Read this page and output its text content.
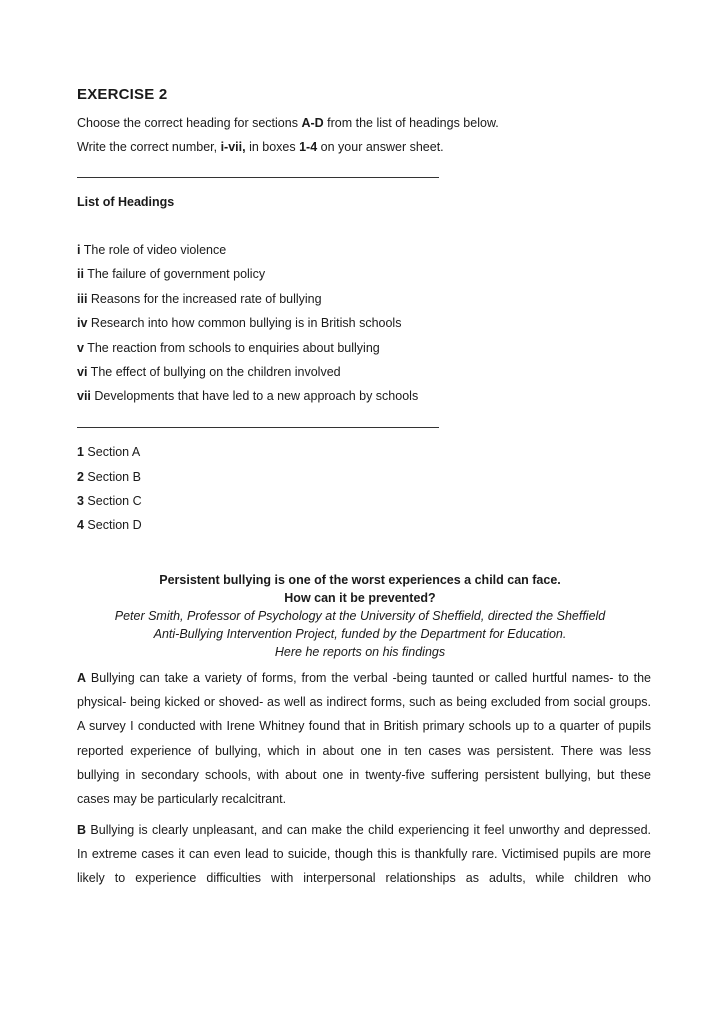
EXERCISE 2
Choose the correct heading for sections A-D from the list of headings below.
Write the correct number, i-vii, in boxes 1-4 on your answer sheet.
List of Headings
i The role of video violence
ii The failure of government policy
iii Reasons for the increased rate of bullying
iv Research into how common bullying is in British schools
v The reaction from schools to enquiries about bullying
vi The effect of bullying on the children involved
vii Developments that have led to a new approach by schools
1 Section A
2 Section B
3 Section C
4 Section D
Persistent bullying is one of the worst experiences a child can face.
How can it be prevented?
Peter Smith, Professor of Psychology at the University of Sheffield, directed the Sheffield
Anti-Bullying Intervention Project, funded by the Department for Education.
Here he reports on his findings
A Bullying can take a variety of forms, from the verbal -being taunted or called hurtful names- to the
physical- being kicked or shoved- as well as indirect forms, such as being excluded from social groups.
A survey I conducted with Irene Whitney found that in British primary schools up to a quarter of pupils
reported experience of bullying, which in about one in ten cases was persistent. There was less
bullying in secondary schools, with about one in twenty-five suffering persistent bullying, but these
cases may be particularly recalcitrant.
B Bullying is clearly unpleasant, and can make the child experiencing it feel unworthy and depressed.
In extreme cases it can even lead to suicide, though this is thankfully rare. Victimised pupils are more
likely to experience difficulties with interpersonal relationships as adults, while children who
